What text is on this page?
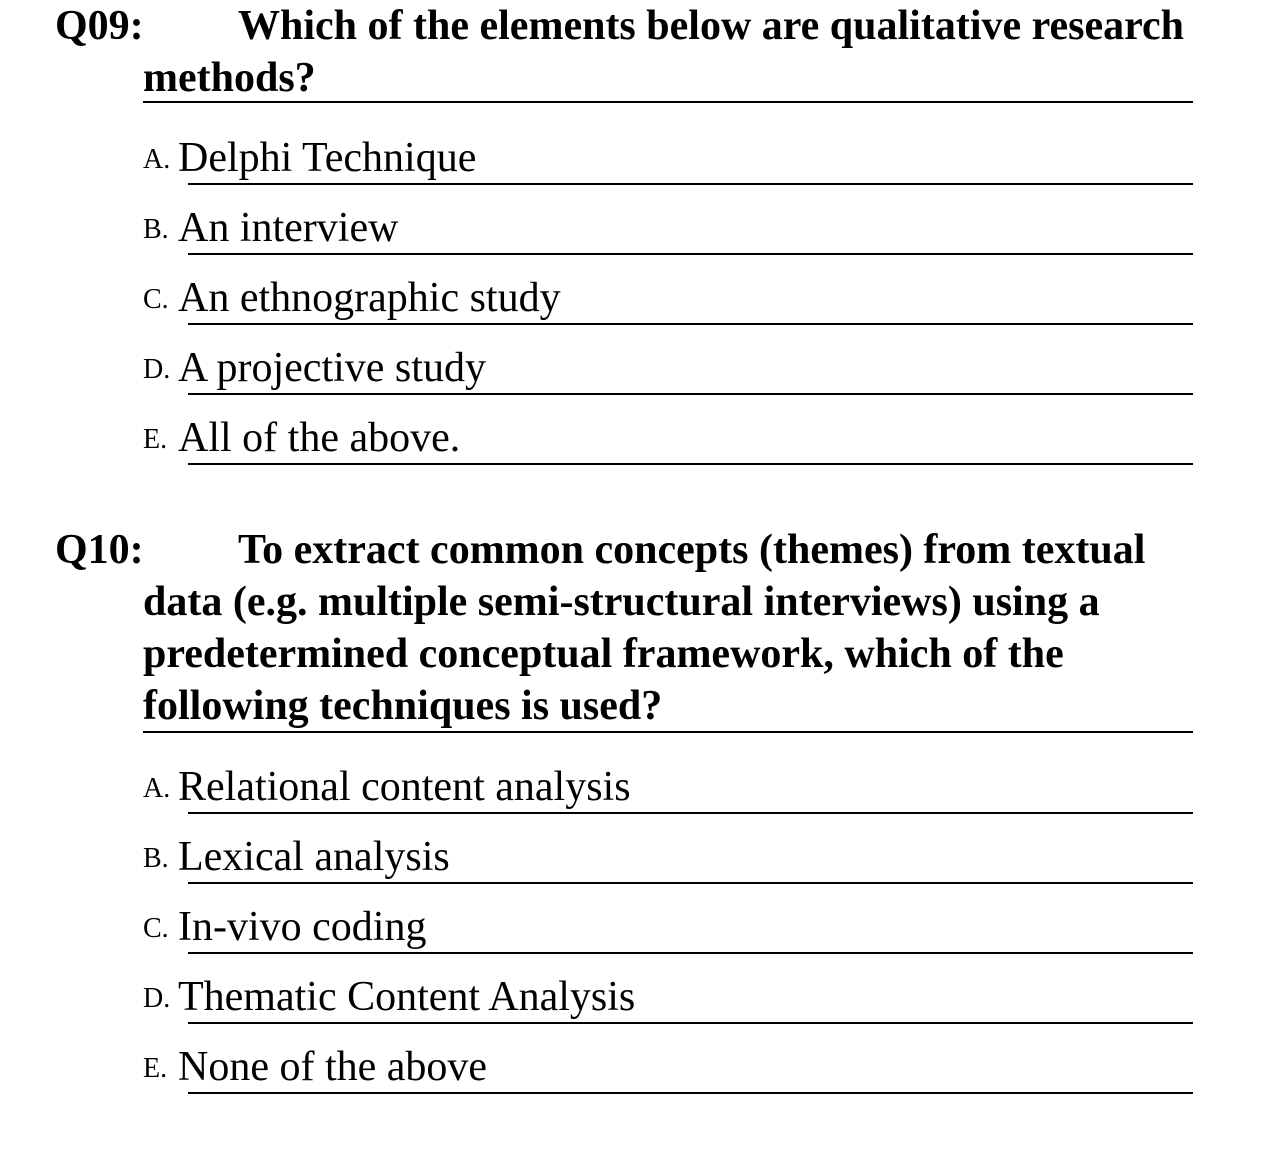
Q09:	Which of the elements below are qualitative research methods?
A. Delphi Technique
B. An interview
C. An ethnographic study
D. A projective study
E. All of the above.
Q10:	To extract common concepts (themes) from textual data (e.g. multiple semi-structural interviews) using a predetermined conceptual framework, which of the following techniques is used?
A. Relational content analysis
B. Lexical analysis
C. In-vivo coding
D. Thematic Content Analysis
E. None of the above
